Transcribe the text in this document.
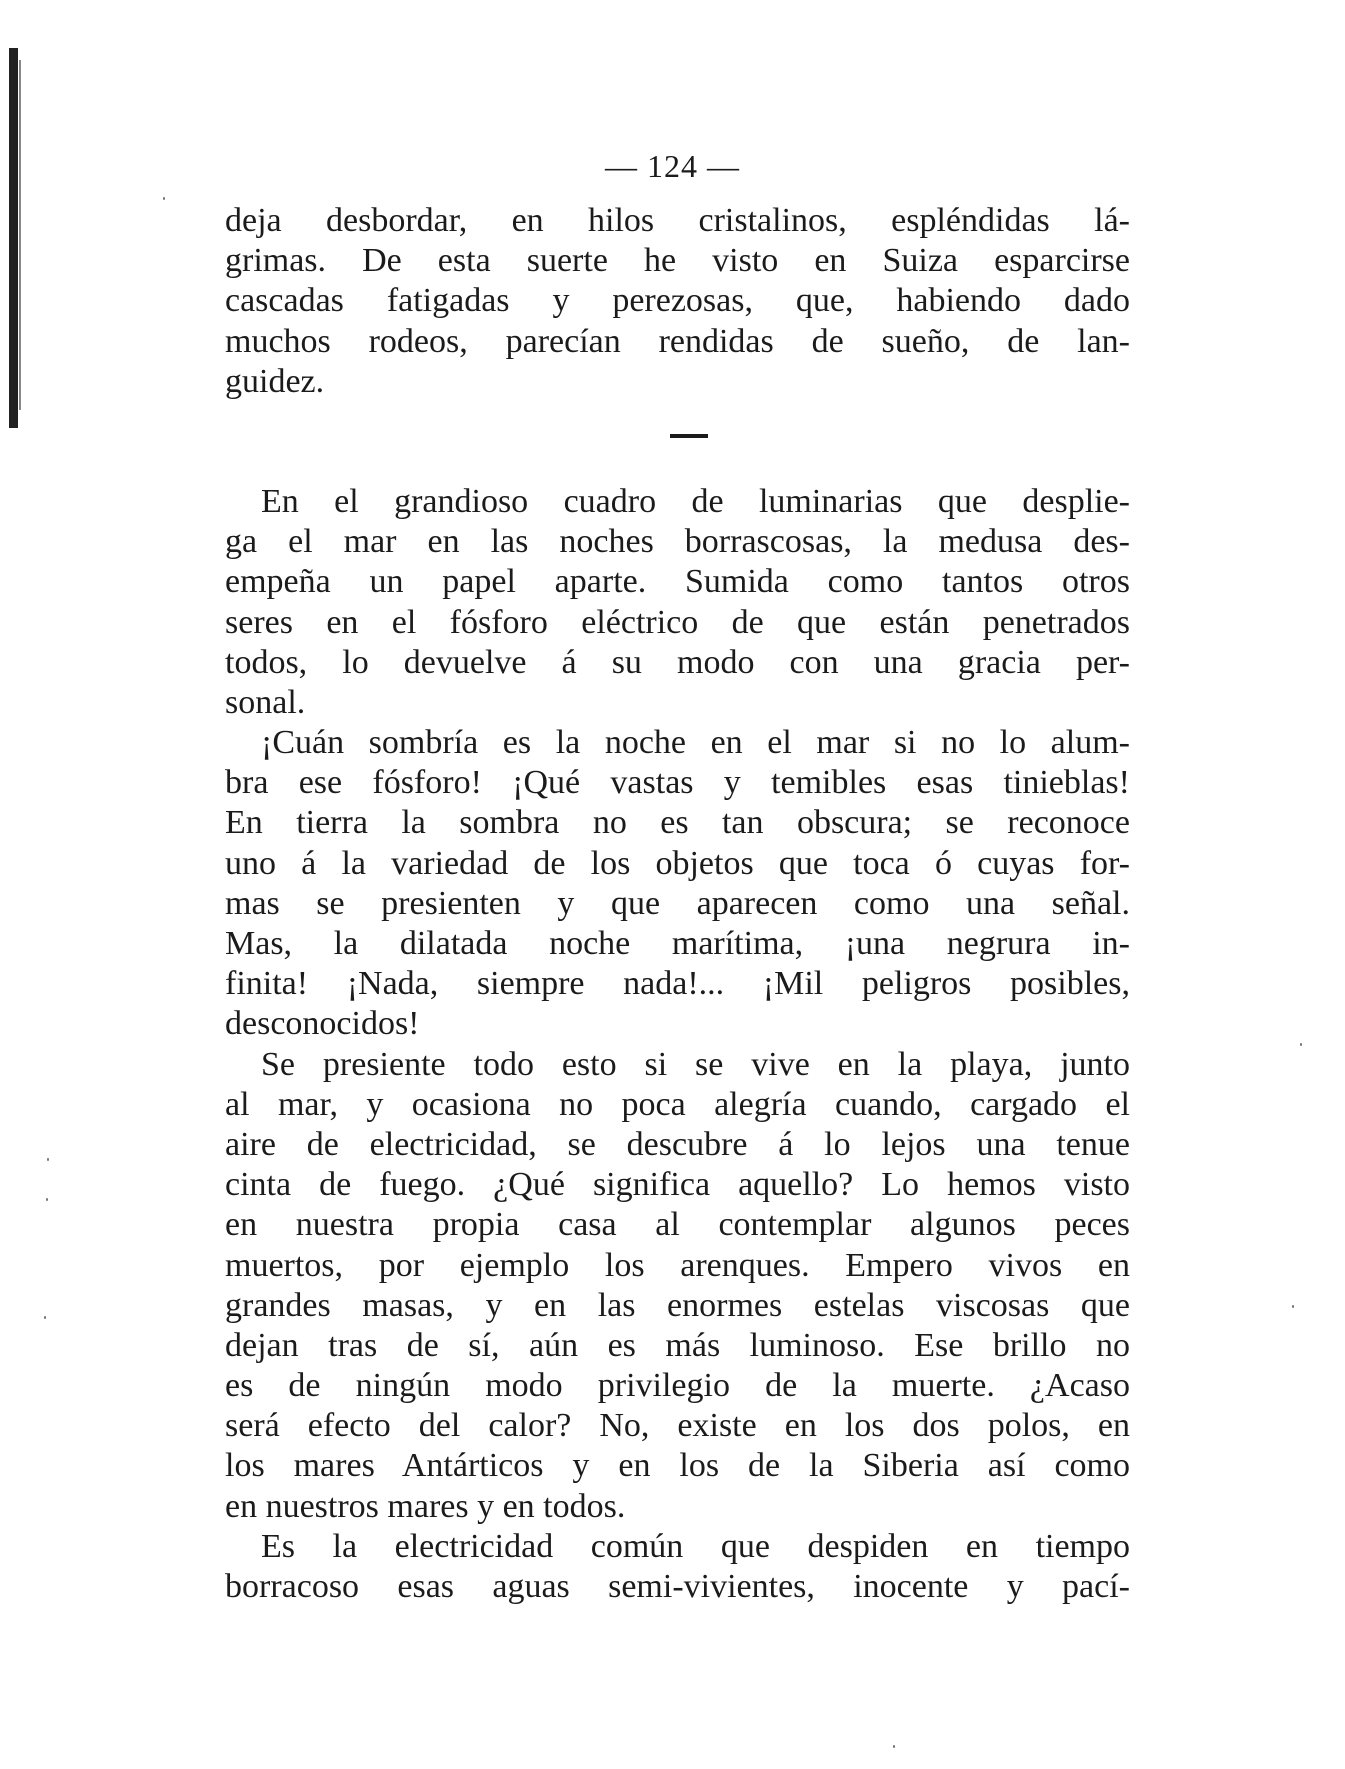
— 124 —
deja desbordar, en hilos cristalinos, espléndidas lá-
grimas. De esta suerte he visto en Suiza esparcirse
cascadas fatigadas y perezosas, que, habiendo dado
muchos rodeos, parecían rendidas de sueño, de lan-
guidez.
En el grandioso cuadro de luminarias que desplie-
ga el mar en las noches borrascosas, la medusa des-
empeña un papel aparte. Sumida como tantos otros
seres en el fósforo eléctrico de que están penetrados
todos, lo devuelve á su modo con una gracia per-
sonal.
¡Cuán sombría es la noche en el mar si no lo alum-
bra ese fósforo! ¡Qué vastas y temibles esas tinieblas!
En tierra la sombra no es tan obscura; se reconoce
uno á la variedad de los objetos que toca ó cuyas for-
mas se presienten y que aparecen como una señal.
Mas, la dilatada noche marítima, ¡una negrura in-
finita! ¡Nada, siempre nada!... ¡Mil peligros posibles,
desconocidos!
Se presiente todo esto si se vive en la playa, junto
al mar, y ocasiona no poca alegría cuando, cargado el
aire de electricidad, se descubre á lo lejos una tenue
cinta de fuego. ¿Qué significa aquello? Lo hemos visto
en nuestra propia casa al contemplar algunos peces
muertos, por ejemplo los arenques. Empero vivos en
grandes masas, y en las enormes estelas viscosas que
dejan tras de sí, aún es más luminoso. Ese brillo no
es de ningún modo privilegio de la muerte. ¿Acaso
será efecto del calor? No, existe en los dos polos, en
los mares Antárticos y en los de la Siberia así como
en nuestros mares y en todos.
Es la electricidad común que despiden en tiempo
borracoso esas aguas semi-vivientes, inocente y pací-
